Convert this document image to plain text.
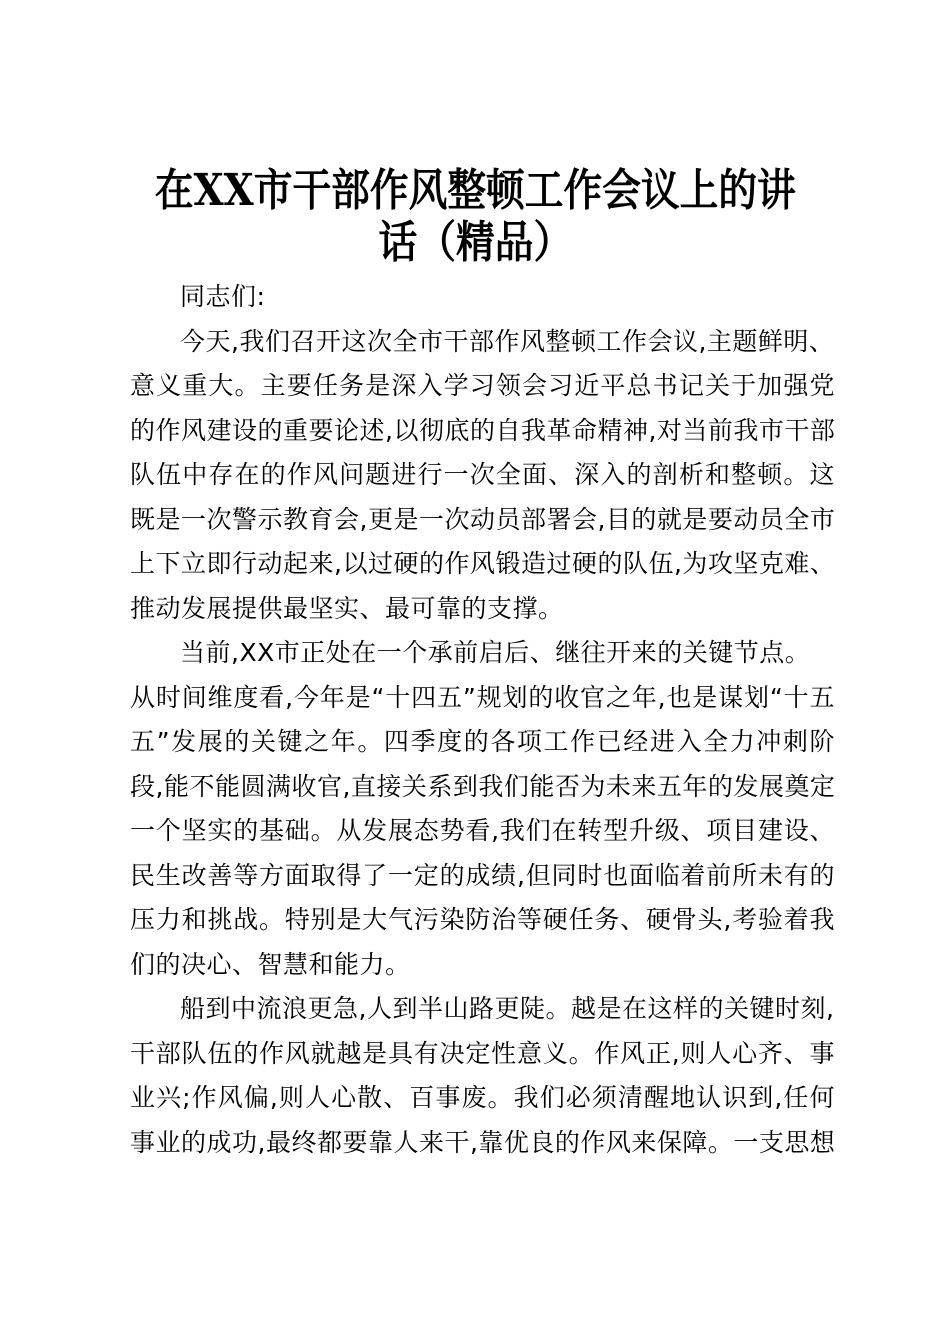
在XX市干部作风整顿工作会议上的讲
话（精品）
同志们:
今天,我们召开这次全市干部作风整顿工作会议,主题鲜明、
意义重大。主要任务是深入学习领会习近平总书记关于加强党
的作风建设的重要论述,以彻底的自我革命精神,对当前我市干部
队伍中存在的作风问题进行一次全面、深入的剖析和整顿。这
既是一次警示教育会,更是一次动员部署会,目的就是要动员全市
上下立即行动起来,以过硬的作风锻造过硬的队伍,为攻坚克难、
推动发展提供最坚实、最可靠的支撑。
当前,XX市正处在一个承前启后、继往开来的关键节点。
从时间维度看,今年是“十四五”规划的收官之年,也是谋划“十五
五”发展的关键之年。四季度的各项工作已经进入全力冲刺阶
段,能不能圆满收官,直接关系到我们能否为未来五年的发展奠定
一个坚实的基础。从发展态势看,我们在转型升级、项目建设、
民生改善等方面取得了一定的成绩,但同时也面临着前所未有的
压力和挑战。特别是大气污染防治等硬任务、硬骨头,考验着我
们的决心、智慧和能力。
船到中流浪更急,人到半山路更陡。越是在这样的关键时刻,
干部队伍的作风就越是具有决定性意义。作风正,则人心齐、事
业兴;作风偏,则人心散、百事废。我们必须清醒地认识到,任何
事业的成功,最终都要靠人来干,靠优良的作风来保障。一支思想
